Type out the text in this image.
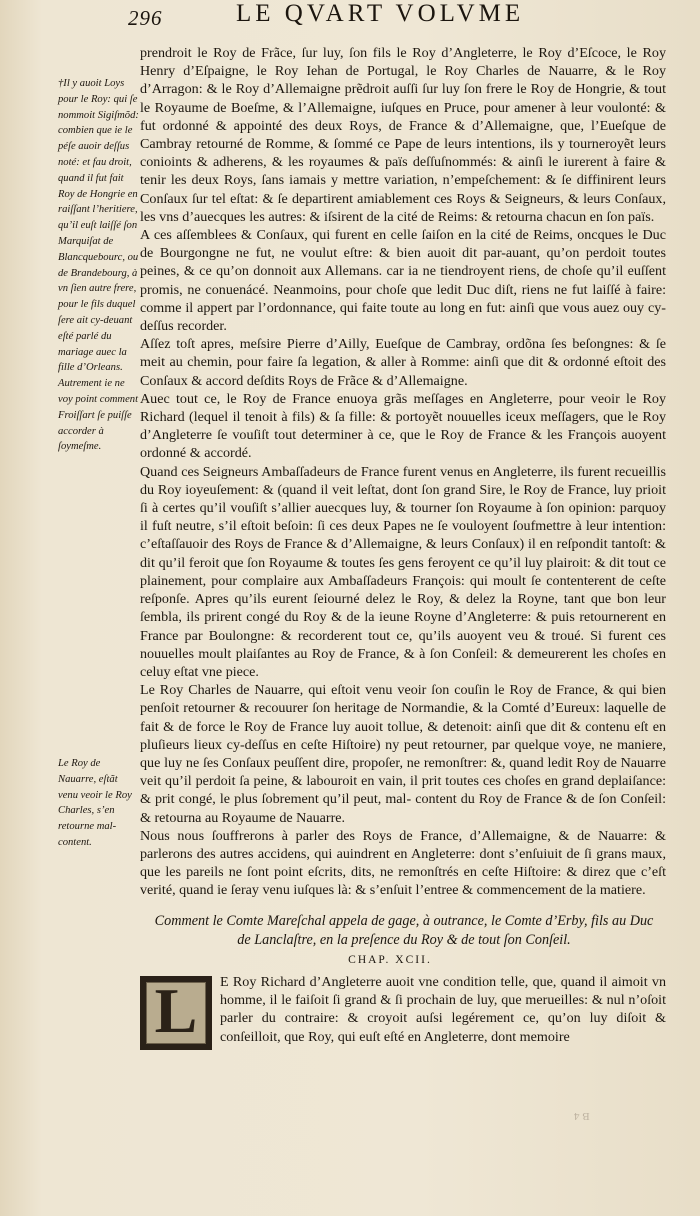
296	LE QVART VOLVME
†Il y auoit Loys pour le Roy: qui ſe nommoit Sigiſmõd: combien que ie le péſe auoir deſſus noté: et fau droit, quand il fut fait Roy de Hongrie en raiſſant l’heritiere, qu’il euſt laiſſé ſon Marquiſat de Blancquebourc, ou de Brandebourg, à vn ſien autre frere, pour le fils duquel ſere ait cy-deuant eſté parlé du mariage auec la fille d’Orleans. Autrement ie ne voy point comment Froiſſart ſe puiſſe accorder à ſoymeſme.
Le Roy de Nauarre, eſtãt venu veoir le Roy Charles, s’en retourne mal-content.

prendroit le Roy de Frãce, ſur luy, ſon fils le Roy d’Angleterre, le Roy d’Eſcoce, le Roy Henry d’Eſpaigne, le Roy Iehan de Portugal, le Roy Charles de Nauarre, & le Roy d’Arragon: & le Roy d’Allemaigne prẽdroit auſſi ſur luy ſon frere le Roy de Hongrie, & tout le Royaume de Boeſme, & l’Allemaigne, iuſques en Pruce, pour amener à leur voulonté: & fut ordonné & appointé des deux Roys, de France & d’Allemaigne, que, l’Eueſque de Cambray retourné de Romme, & ſommé ce Pape de leurs intentions, ils y tourneroyẽt leurs conioints & adherens, & les royaumes & païs deſſuſnommés: & ainſi le iurerent à faire & tenir les deux Roys, ſans iamais y mettre variation, n’empeſchement: & ſe diffinirent leurs Conſaux ſur tel eſtat: & ſe departirent amiablement ces Roys & Seigneurs, & leurs Conſaux, les vns d’auecques les autres: & iſsirent de la cité de Reims: & retourna chacun en ſon païs.

A ces aſſemblees & Conſaux, qui furent en celle ſaiſon en la cité de Reims, oncques le Duc de Bourgongne ne fut, ne voulut eſtre: & bien auoit dit par-auant, qu’on perdoit toutes peines, & ce qu’on donnoit aux Allemans. car ia ne tiendroyent riens, de choſe qu’il euſſent promis, ne conuenácé. Neanmoins, pour choſe que ledit Duc diſt, riens ne fut laiſſé à faire: comme il appert par l’ordonnance, qui faite toute au long en fut: ainſi que vous auez ouy cy-deſſus recorder.

Aſſez toſt apres, meſsire Pierre d’Ailly, Eueſque de Cambray, ordõna ſes beſongnes: & ſe meit au chemin, pour faire ſa legation, & aller à Romme: ainſi que dit & ordonné eſtoit des Conſaux & accord deſdits Roys de Frãce & d’Allemaigne.

Auec tout ce, le Roy de France enuoya grãs meſſages en Angleterre, pour veoir le Roy Richard (lequel il tenoit à fils) & ſa fille: & portoyẽt nouuelles iceux meſſagers, que le Roy d’Angleterre ſe vouſiſt tout determiner à ce, que le Roy de France & les François auoyent ordonné & accordé.

Quand ces Seigneurs Ambaſſadeurs de France furent venus en Angleterre, ils furent recueillis du Roy ioyeuſement: & (quand il veit leſtat, dont ſon grand Sire, le Roy de France, luy prioit ſi à certes qu’il vouſiſt s’allier auecques luy, & tourner ſon Royaume à ſon opinion: parquoy il fuſt neutre, s’il eſtoit beſoin: ſi ces deux Papes ne ſe vouloyent ſoufmettre à leur intention: c’eſtaſſauoir des Roys de France & d’Allemaigne, & leurs Conſaux) il en reſpondit tantoſt: & dit qu’il feroit que ſon Royaume & toutes ſes gens feroyent ce qu’il luy plairoit: & dit tout ce plainement, pour complaire aux Ambaſſadeurs François: qui moult ſe contenterent de ceſte reſponſe. Apres qu’ils eurent ſeiourné delez le Roy, & delez la Royne, tant que bon leur ſembla, ils prirent congé du Roy & de la ieune Royne d’Angleterre: & puis retournerent en France par Boulongne: & recorderent tout ce, qu’ils auoyent veu & troué. Si furent ces nouuelles moult plaiſantes au Roy de France, & à ſon Conſeil: & demeurerent les choſes en celuy eſtat vne piece.

Le Roy Charles de Nauarre, qui eſtoit venu veoir ſon couſin le Roy de France, & qui bien penſoit retourner & recouurer ſon heritage de Normandie, & la Comté d’Eureux: laquelle de fait & de force le Roy de France luy auoit tollue, & detenoit: ainſi que dit & contenu eſt en pluſieurs lieux cy-deſſus en ceſte Hiſtoire) ny peut retourner, par quelque voye, ne maniere, que luy ne ſes Conſaux peuſſent dire, propoſer, ne remonſtrer: &, quand ledit Roy de Nauarre veit qu’il perdoit ſa peine, & labouroit en vain, il prit toutes ces choſes en grand deplaiſance: & prit congé, le plus ſobrement qu’il peut, mal- content du Roy de France & de ſon Conſeil: & retourna au Royaume de Nauarre.

Nous nous ſouffrerons à parler des Roys de France, d’Allemaigne, & de Nauarre: & parlerons des autres accidens, qui auindrent en Angleterre: dont s’enſuiuit de ſi grans maux, que les pareils ne ſont point eſcrits, dits, ne remonſtrés en ceſte Hiſtoire: & direz que c’eſt verité, quand ie ſeray venu iuſques là: & s’enſuit l’entree & commencement de la matiere.

Comment le Comte Mareſchal appela de gage, à outrance, le Comte d’Erby, fils au Duc de Lanclaſtre, en la preſence du Roy & de tout ſon Conſeil.
CHAP. XCII.
L	E Roy Richard d’Angleterre auoit vne condition telle, que, quand il aimoit vn homme, il le faiſoit ſi grand & ſi prochain de luy, que merueilles: & nul n’oſoit parler du contraire: & croyoit auſsi legérement ce, qu’on luy diſoit & conſeilloit, que Roy, qui euſt eſté en Angleterre, dont memoire
B 4
